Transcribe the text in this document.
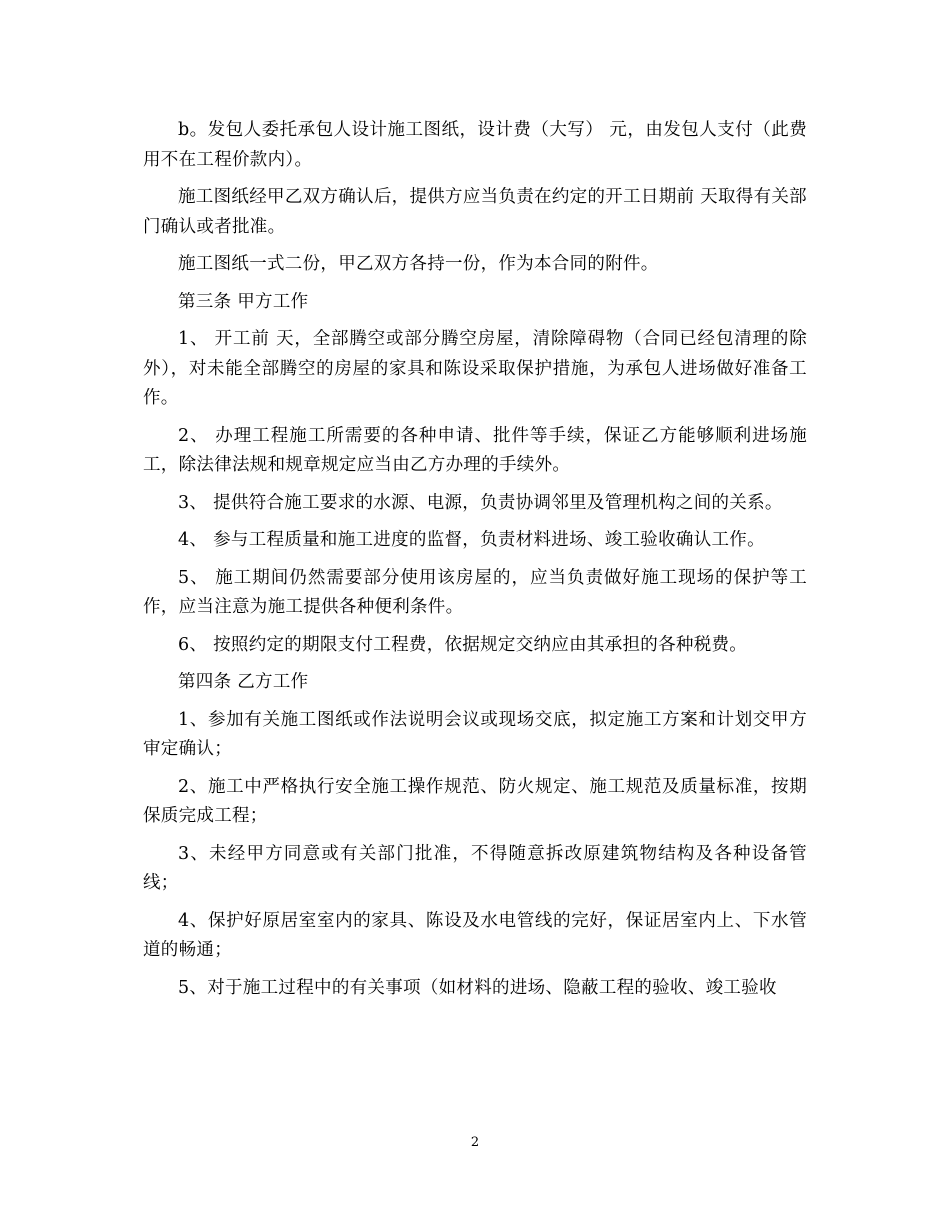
b。发包人委托承包人设计施工图纸，设计费（大写） 元，由发包人支付（此费用不在工程价款内）。

施工图纸经甲乙双方确认后，提供方应当负责在约定的开工日期前 天取得有关部门确认或者批准。

施工图纸一式二份，甲乙双方各持一份，作为本合同的附件。

第三条 甲方工作

1、 开工前 天，全部腾空或部分腾空房屋，清除障碍物（合同已经包清理的除外），对未能全部腾空的房屋的家具和陈设采取保护措施，为承包人进场做好准备工作。

2、 办理工程施工所需要的各种申请、批件等手续，保证乙方能够顺利进场施工，除法律法规和规章规定应当由乙方办理的手续外。

3、 提供符合施工要求的水源、电源，负责协调邻里及管理机构之间的关系。

4、 参与工程质量和施工进度的监督，负责材料进场、竣工验收确认工作。

5、 施工期间仍然需要部分使用该房屋的，应当负责做好施工现场的保护等工作，应当注意为施工提供各种便利条件。

6、 按照约定的期限支付工程费，依据规定交纳应由其承担的各种税费。

第四条 乙方工作

1、参加有关施工图纸或作法说明会议或现场交底，拟定施工方案和计划交甲方审定确认；

2、施工中严格执行安全施工操作规范、防火规定、施工规范及质量标准，按期保质完成工程；

3、未经甲方同意或有关部门批准，不得随意拆改原建筑物结构及各种设备管线；

4、保护好原居室室内的家具、陈设及水电管线的完好，保证居室内上、下水管道的畅通；

5、对于施工过程中的有关事项（如材料的进场、隐蔽工程的验收、竣工验收

2
